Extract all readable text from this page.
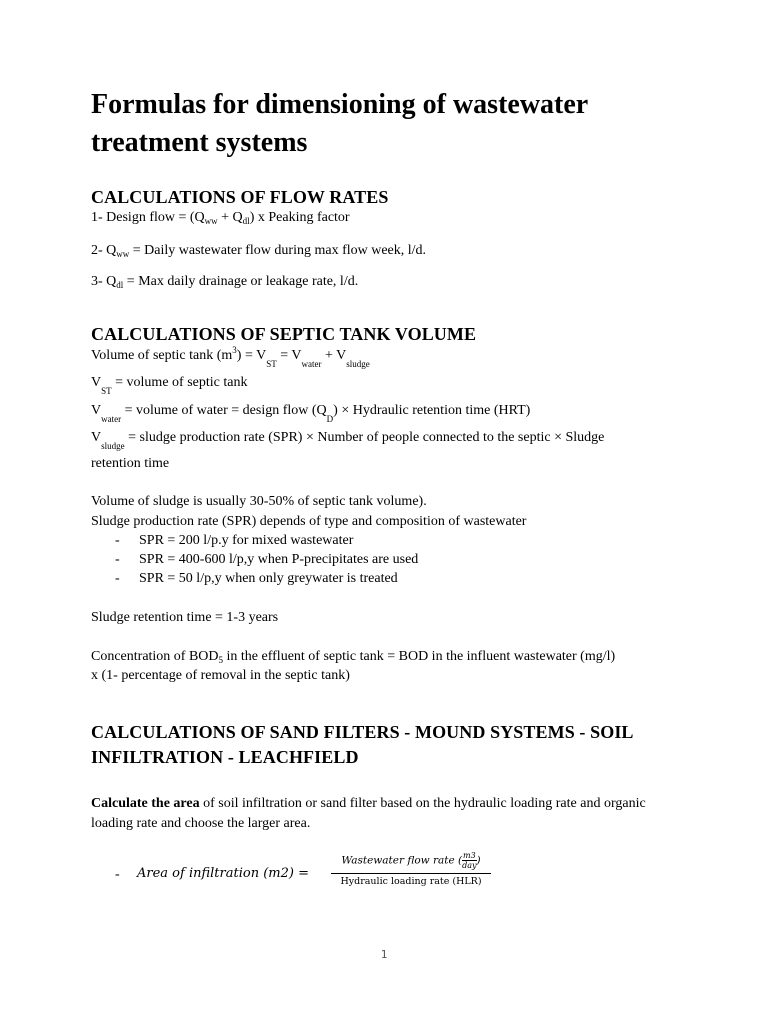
Formulas for dimensioning of wastewater treatment systems
CALCULATIONS OF FLOW RATES

1- Design flow = $(Q_{ww} + Q_{dl})$ x Peaking factor

2- $Q_{ww}$ = Daily wastewater flow during max flow week, l/d.

3- $Q_{dl}$ = Max daily drainage or leakage rate, l/d.

CALCULATIONS OF SEPTIC TANK VOLUME

Volume of septic tank $(m^3) = V_{ST} = V_{water} + V_{sludge}$

$V_{ST}$ = volume of septic tank

$V_{water}$ = volume of water = design flow $(Q_D)$ × Hydraulic retention time (HRT)

$V_{sludge}$ = sludge production rate (SPR) × Number of people connected to the septic × Sludge

retention time

Volume of sludge is usually 30-50% of septic tank volume).

Sludge production rate (SPR) depends of type and composition of wastewater

- SPR = 200 l/p.y for mixed wastewater
- SPR = 400-600 l/p,y when P-precipitates are used
- SPR = 50 l/p,y when only greywater is treated

Sludge retention time = 1-3 years

Concentration of $BOD_5$ in the effluent of septic tank = BOD in the influent wastewater (mg/l)

x (1- percentage of removal in the septic tank)

CALCULATIONS OF SAND FILTERS - MOUND SYSTEMS - SOIL INFILTRATION - LEACHFIELD

Calculate the area of soil infiltration or sand filter based on the hydraulic loading rate and organic loading rate and choose the larger area.

- Area of infiltration (m2) =
Wastewater flow rate ( m3
day )
Hydraulic loading rate (HLR)
1
